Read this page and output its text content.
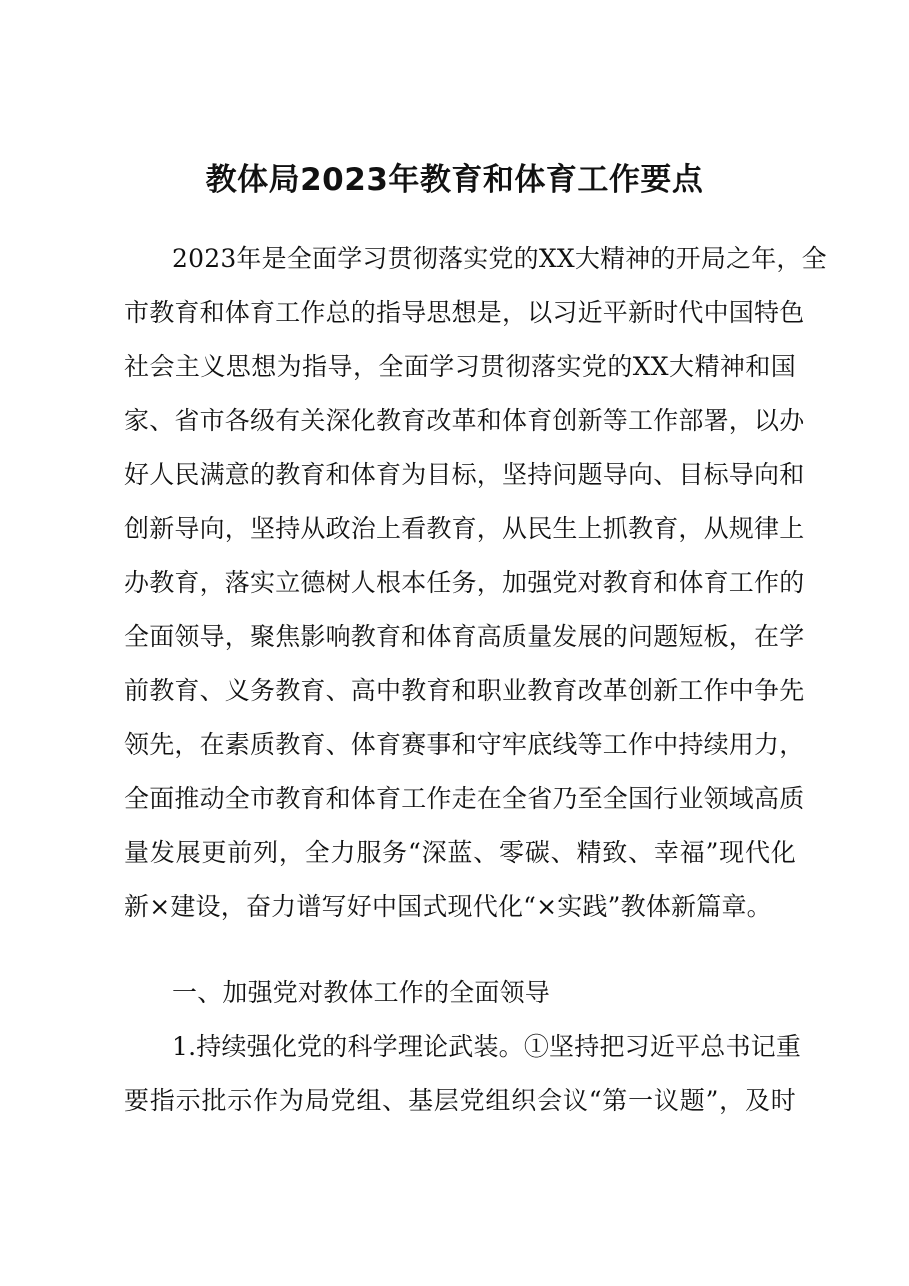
教体局2023年教育和体育工作要点
2023年是全面学习贯彻落实党的XX大精神的开局之年，全
市教育和体育工作总的指导思想是，以习近平新时代中国特色
社会主义思想为指导，全面学习贯彻落实党的XX大精神和国
家、省市各级有关深化教育改革和体育创新等工作部署，以办
好人民满意的教育和体育为目标，坚持问题导向、目标导向和
创新导向，坚持从政治上看教育，从民生上抓教育，从规律上
办教育，落实立德树人根本任务，加强党对教育和体育工作的
全面领导，聚焦影响教育和体育高质量发展的问题短板，在学
前教育、义务教育、高中教育和职业教育改革创新工作中争先
领先，在素质教育、体育赛事和守牢底线等工作中持续用力，
全面推动全市教育和体育工作走在全省乃至全国行业领域高质
量发展更前列，全力服务“深蓝、零碳、精致、幸福”现代化
新×建设，奋力谱写好中国式现代化“×实践”教体新篇章。
一、加强党对教体工作的全面领导
1.持续强化党的科学理论武装。①坚持把习近平总书记重
要指示批示作为局党组、基层党组织会议“第一议题”，及时
